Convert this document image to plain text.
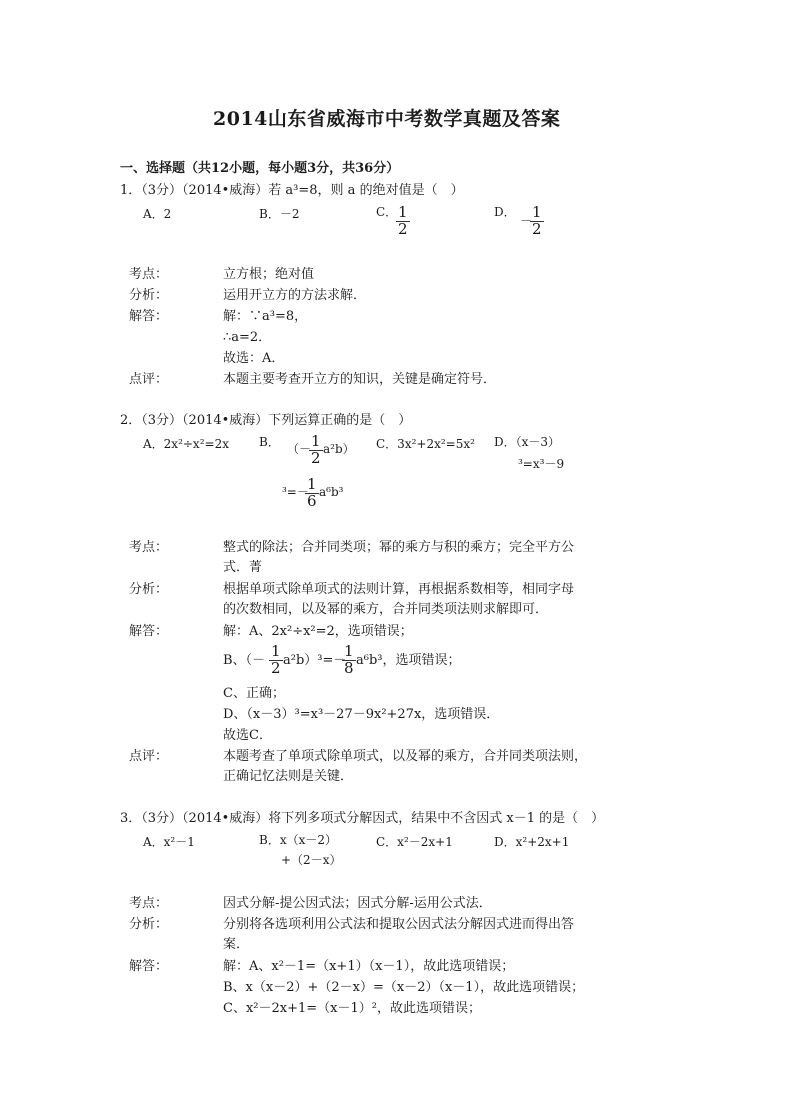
2014山东省威海市中考数学真题及答案
一、选择题（共12小题，每小题3分，共36分）
1．（3分）（2014•威海）若 a³=8，则 a 的绝对值是（　）
A．2	B．－2	C．
$\frac{1}{2}$	D．
－
$\frac{1}{2}$
考点：	立方根；绝对值
分析：	运用开立方的方法求解．
解答：	解：∵a³=8，
∴a=2．
故选：A．
点评：	本题主要考查开立方的知识，关键是确定符号．
2．（3分）（2014•威海）下列运算正确的是（　）
A．2x²÷x²=2x	B． （－
$\frac{1}{2} a^2b$）
³=－
$\frac{1}{6} a^6b^3$
C．3x²+2x²=5x² D．（x－3）
³=x³－9
考点：	整式的除法；合并同类项；幂的乘方与积的乘方；完全平方公
式．菁
分析：	根据单项式除单项式的法则计算，再根据系数相等，相同字母
的次数相同，以及幂的乘方，合并同类项法则求解即可．
解答：	解：A、2x²÷x²=2，选项错误；
B、（－ $\frac{1}{2} a^2b)^3=-$
$\frac{1}{8} a^6b^3$，选项错误；
C、正确；
D、（x－3）³=x³－27－9x²+27x，选项错误．
故选C．
点评：	本题考查了单项式除单项式，以及幂的乘方，合并同类项法则，
正确记忆法则是关键．
3．（3分）（2014•威海）将下列多项式分解因式，结果中不含因式 x－1 的是（　）
A．x²－1	B．x（x－2）
+（2－x）
C．x²－2x+1	D．x²+2x+1
考点：	因式分解-提公因式法；因式分解-运用公式法．
分析：	分别将各选项利用公式法和提取公因式法分解因式进而得出答
案．
解答：	解：A、x²－1=（x+1）（x－1），故此选项错误；
B、x（x－2）+（2－x）=（x－2）（x－1），故此选项错误；
C、x²－2x+1=（x－1）²，故此选项错误；
